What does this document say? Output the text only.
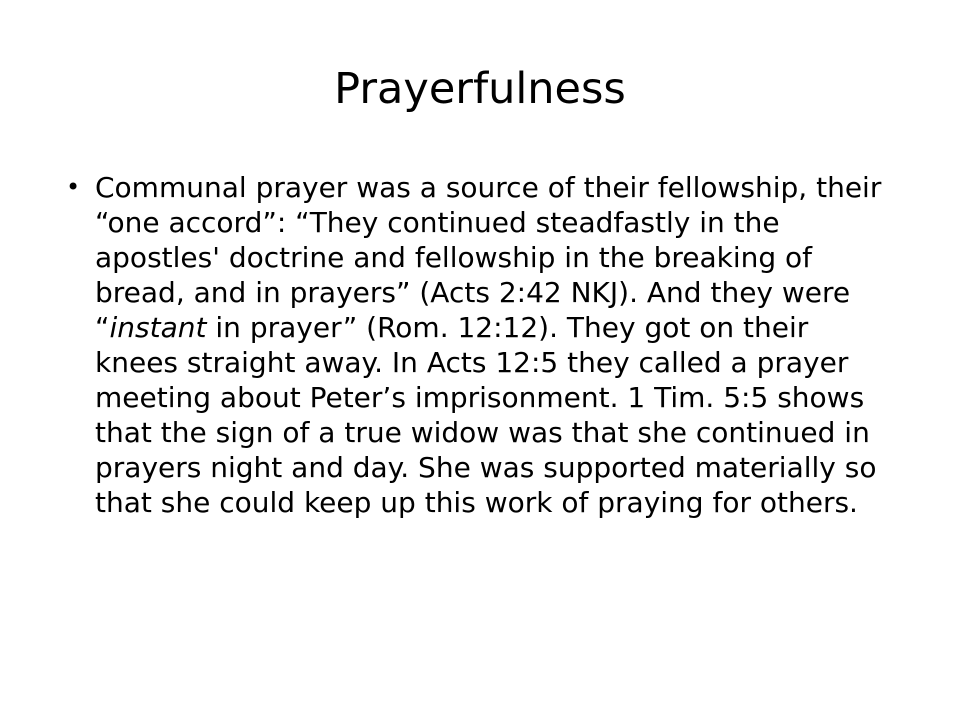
Prayerfulness
• Communal prayer was a source of their fellowship, their “one accord”: “They continued steadfastly in the apostles' doctrine and fellowship in the breaking of bread, and in prayers” (Acts 2:42 NKJ). And they were “instant in prayer” (Rom. 12:12). They got on their knees straight away. In Acts 12:5 they called a prayer meeting about Peter’s imprisonment. 1 Tim. 5:5 shows that the sign of a true widow was that she continued in prayers night and day. She was supported materially so that she could keep up this work of praying for others.
